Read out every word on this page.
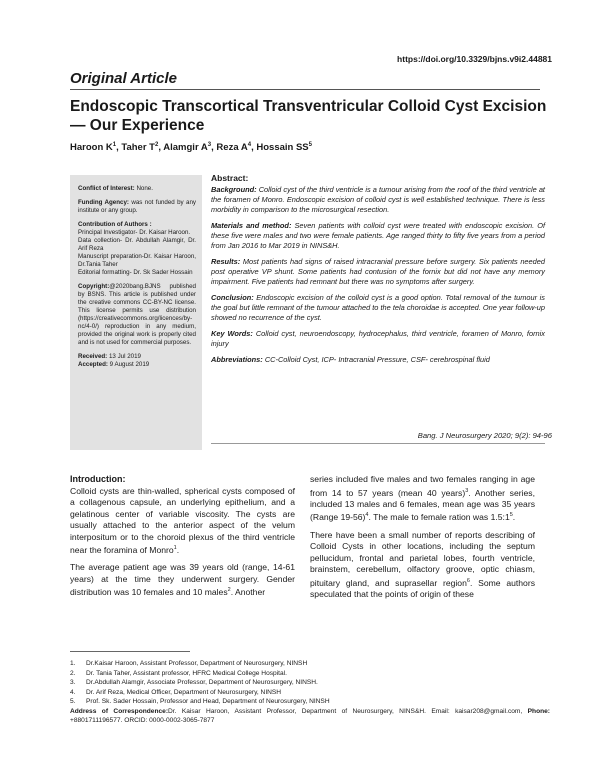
https://doi.org/10.3329/bjns.v9i2.44881
Original Article
Endoscopic Transcortical Transventricular Colloid Cyst Excision — Our Experience
Haroon $K^1$, Taher $T^2$, Alamgir $A^3$, Reza $A^4$, Hossain $SS^5$

Conflict of Interest: None.

Funding Agency: was not funded by any institute or any group.

Contribution of Authors :
Principal Investigator- Dr. Kaisar Haroon.
Data collection- Dr. Abdullah Alamgir, Dr. Arif Reza
Manuscript preparation-Dr. Kaisar Haroon, Dr.Tania Taher
Editorial formatting- Dr. Sk Sader Hossain

Copyright:@2020bang.BJNS published by BSNS. This article is published under the creative commons CC-BY-NC license. This license permits use distribution (https://creativecommons.org/licences/by-nc/4-0/) reproduction in any medium, provided the original work is properly cited and is not used for commercial purposes.

Received: 13 Jul 2019
Accepted: 9 August 2019

Abstract:

Background: Colloid cyst of the third ventricle is a tumour arising from the roof of the third ventricle at the foramen of Monro. Endoscopic excision of colloid cyst is well established technique. There is less morbidity in comparison to the microsurgical resection.

Materials and method: Seven patients with colloid cyst were treated with endoscopic excision. Of these five were males and two were female patients. Age ranged thirty to fifty five years from a period from Jan 2016 to Mar 2019 in NINS&H.

Results: Most patients had signs of raised intracranial pressure before surgery. Six patients needed post operative VP shunt. Some patients had contusion of the fornix but did not have any memory impairment. Five patients had remnant but there was no symptoms after surgery.

Conclusion: Endoscopic excision of the colloid cyst is a good option. Total removal of the tumour is the goal but little remnant of the tumour attached to the tela choroidae is accepted. One year follow-up showed no recurrence of the cyst.

Key Words: Colloid cyst, neuroendoscopy, hydrocephalus, third ventricle, foramen of Monro, fornix injury

Abbreviations: CC-Colloid Cyst, ICP- Intracranial Pressure, CSF- cerebrospinal fluid

Bang. J Neurosurgery 2020; 9(2): 94-96
Introduction:

Colloid cysts are thin-walled, spherical cysts composed of a collagenous capsule, an underlying epithelium, and a gelatinous center of variable viscosity. The cysts are usually attached to the anterior aspect of the velum interpositum or to the choroid plexus of the third ventricle near the foramina of Monro$^1$.

The average patient age was 39 years old (range, 14-61 years) at the time they underwent surgery. Gender distribution was 10 females and 10 males$^2$. Another

series included five males and two females ranging in age from 14 to 57 years (mean 40 years)$^3$. Another series, included 13 males and 6 females, mean age was 35 years (Range 19-56)$^4$. The male to female ration was $1.5:1^5$.

There have been a small number of reports describing of Colloid Cysts in other locations, including the septum pellucidum, frontal and parietal lobes, fourth ventricle, brainstem, cerebellum, olfactory groove, optic chiasm, pituitary gland, and suprasellar region$^6$. Some authors speculated that the points of origin of these

1. Dr.Kaisar Haroon, Assistant Professor, Department of Neurosurgery, NINSH
2. Dr. Tania Taher, Assistant professor, HFRC Medical College Hospital.
3. Dr.Abdullah Alamgir, Associate Professor, Department of Neurosurgery, NINSH.
4. Dr. Arif Reza, Medical Officer, Department of Neurosurgery, NINSH
5. Prof. Sk. Sader Hossain, Professor and Head, Department of Neurosurgery, NINSH
Address of Correspondence:Dr. Kaisar Haroon, Assistant Professor, Department of Neurosurgery, NINS&H. Email: kaisar208@gmail.com, Phone: +8801711196577. ORCID: 0000-0002-3065-7877
